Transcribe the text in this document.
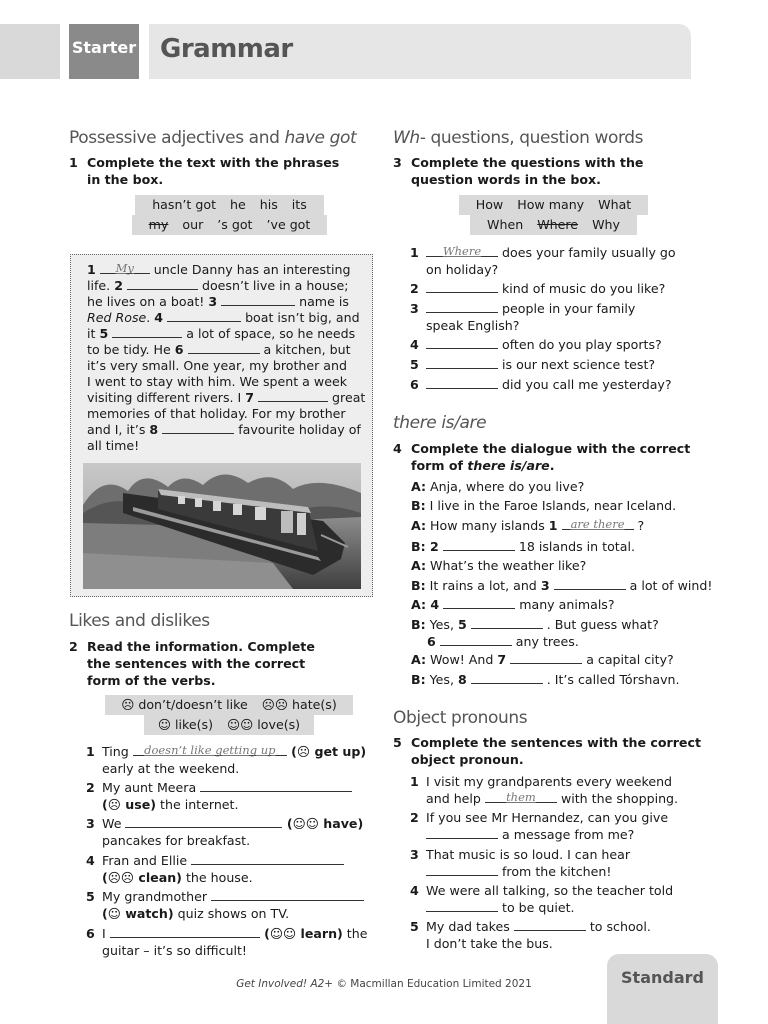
Starter Grammar
Possessive adjectives and have got
1 Complete the text with the phrases in the box.
hasn’t got he his its
my our ’s got ’ve got
1	My	uncle Danny has an interesting
life. 2	doesn’t live in a house;
he lives on a boat! 3	name is
Red Rose. 4	boat isn’t big, and
it 5	a lot of space, so he needs
to be tidy. He 6	a kitchen, but
it’s very small. One year, my brother and
I went to stay with him. We spent a week
visiting different rivers. I 7	great
memories of that holiday. For my brother
and I, it’s 8	favourite holiday of
all time!
Likes and dislikes
2 Read the information. Complete the sentences with the correct form of the verbs.
☹ don’t/doesn’t like ☹☹ hate(s)
☺ like(s) ☺☺ love(s)
1 Ting doesn’t like getting up (☹ get up)
early at the weekend.
2 My aunt Meera
(☹ use) the internet.
3 We	(☺☺ have)
pancakes for breakfast.
4 Fran and Ellie
(☹☹ clean) the house.
5 My grandmother
(☺ watch) quiz shows on TV.
6 I	(☺☺ learn) the
guitar – it’s so difficult!
Wh- questions, question words
3 Complete the questions with the question words in the box.
How How many What
When Where Why
1	Where	does your family usually go
on holiday?
2	kind of music do you like?
3	people in your family
speak English?
4	often do you play sports?
5	is our next science test?
6	did you call me yesterday?
there is/are
4 Complete the dialogue with the correct form of there is/are.
A: Anja, where do you live?
B: I live in the Faroe Islands, near Iceland.
A: How many islands 1	are there ?
B: 2	18 islands in total.
A: What’s the weather like?
B: It rains a lot, and 3	a lot of wind!
A: 4	many animals?
B: Yes, 5	. But guess what?
6	any trees.
A: Wow! And 7	a capital city?
B: Yes, 8	. It’s called Tórshavn.
Object pronouns
5 Complete the sentences with the correct object pronoun.
1 I visit my grandparents every weekend
and help	them	with the shopping.
2 If you see Mr Hernandez, can you give
a message from me?
3 That music is so loud. I can hear
from the kitchen!
4 We were all talking, so the teacher told
to be quiet.
5 My dad takes	to school.
I don’t take the bus.
Get Involved! A2+ © Macmillan Education Limited 2021	Standard
